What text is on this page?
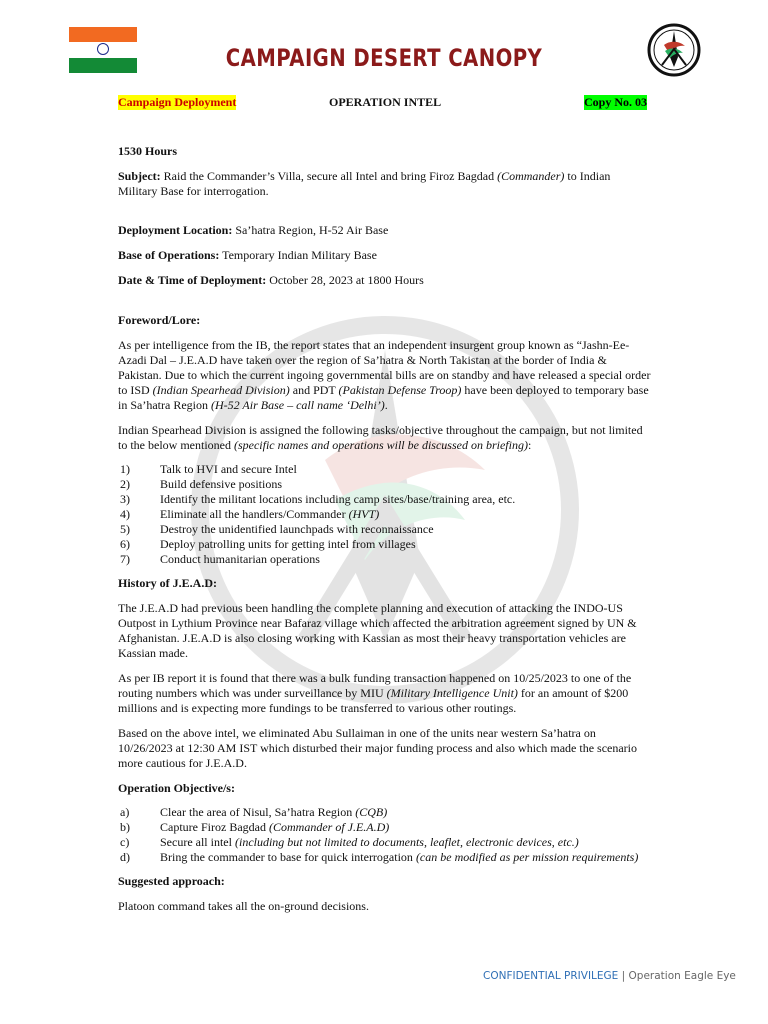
CAMPAIGN DESERT CANOPY
Campaign Deployment	OPERATION INTEL	Copy No. 03

1530 Hours

Subject: Raid the Commander’s Villa, secure all Intel and bring Firoz Bagdad (Commander) to Indian Military Base for interrogation.

Deployment Location: Sa’hatra Region, H-52 Air Base

Base of Operations: Temporary Indian Military Base

Date & Time of Deployment: October 28, 2023 at 1800 Hours

Foreword/Lore:

As per intelligence from the IB, the report states that an independent insurgent group known as “Jashn-Ee-Azadi Dal – J.E.A.D have taken over the region of Sa’hatra & North Takistan at the border of India & Pakistan. Due to which the current ingoing governmental bills are on standby and have released a special order to ISD (Indian Spearhead Division) and PDT (Pakistan Defense Troop) have been deployed to temporary base in Sa’hatra Region (H-52 Air Base – call name ‘Delhi’).

Indian Spearhead Division is assigned the following tasks/objective throughout the campaign, but not limited to the below mentioned (specific names and operations will be discussed on briefing):

1)	Talk to HVI and secure Intel
2)	Build defensive positions
3)	Identify the militant locations including camp sites/base/training area, etc.
4)	Eliminate all the handlers/Commander (HVT)
5)	Destroy the unidentified launchpads with reconnaissance
6)	Deploy patrolling units for getting intel from villages
7)	Conduct humanitarian operations

History of J.E.A.D:

The J.E.A.D had previous been handling the complete planning and execution of attacking the INDO-US Outpost in Lythium Province near Bafaraz village which affected the arbitration agreement signed by UN & Afghanistan. J.E.A.D is also closing working with Kassian as most their heavy transportation vehicles are Kassian made.

As per IB report it is found that there was a bulk funding transaction happened on 10/25/2023 to one of the routing numbers which was under surveillance by MIU (Military Intelligence Unit) for an amount of $200 millions and is expecting more fundings to be transferred to various other routings.

Based on the above intel, we eliminated Abu Sullaiman in one of the units near western Sa’hatra on 10/26/2023 at 12:30 AM IST which disturbed their major funding process and also which made the scenario more cautious for J.E.A.D.

Operation Objective/s:

a)	Clear the area of Nisul, Sa’hatra Region (CQB)
b)	Capture Firoz Bagdad (Commander of J.E.A.D)
c)	Secure all intel (including but not limited to documents, leaflet, electronic devices, etc.)
d)	Bring the commander to base for quick interrogation (can be modified as per mission requirements)

Suggested approach:

Platoon command takes all the on-ground decisions.

CONFIDENTIAL PRIVILEGE | Operation Eagle Eye
